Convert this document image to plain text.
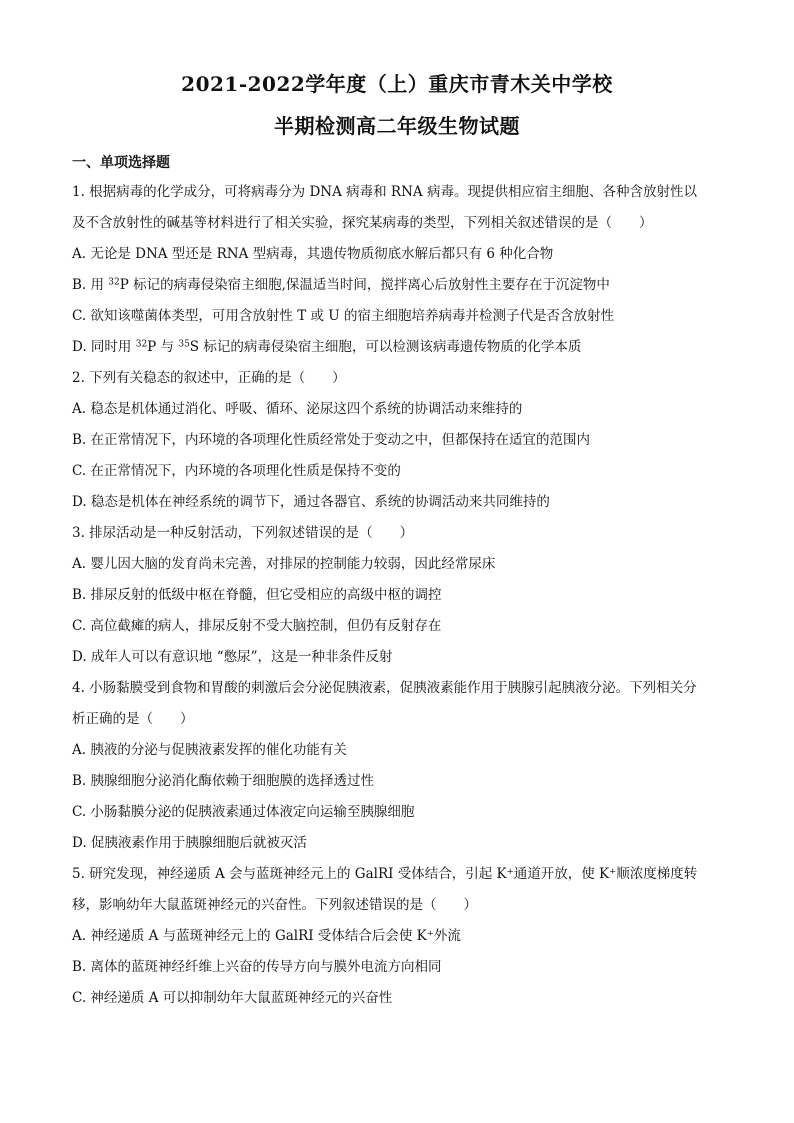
2021-2022学年度（上）重庆市青木关中学校
半期检测高二年级生物试题
一、单项选择题
1. 根据病毒的化学成分，可将病毒分为 DNA 病毒和 RNA 病毒。现提供相应宿主细胞、各种含放射性以
及不含放射性的碱基等材料进行了相关实验，探究某病毒的类型，下列相关叙述错误的是（　　）
A. 无论是 DNA 型还是 RNA 型病毒，其遗传物质彻底水解后都只有 6 种化合物
B. 用 $^{32}$P 标记的病毒侵染宿主细胞,保温适当时间，搅拌离心后放射性主要存在于沉淀物中
C. 欲知该噬菌体类型，可用含放射性 T 或 U 的宿主细胞培养病毒并检测子代是否含放射性
D. 同时用 $^{32}$P 与 $^{35}$S 标记的病毒侵染宿主细胞，可以检测该病毒遗传物质的化学本质
2. 下列有关稳态的叙述中，正确的是（　　）
A. 稳态是机体通过消化、呼吸、循环、泌尿这四个系统的协调活动来维持的
B. 在正常情况下，内环境的各项理化性质经常处于变动之中，但都保持在适宜的范围内
C. 在正常情况下，内环境的各项理化性质是保持不变的
D. 稳态是机体在神经系统的调节下，通过各器官、系统的协调活动来共同维持的
3. 排尿活动是一种反射活动，下列叙述错误的是（　　）
A. 婴儿因大脑的发育尚未完善，对排尿的控制能力较弱，因此经常尿床
B. 排尿反射的低级中枢在脊髓，但它受相应的高级中枢的调控
C. 高位截瘫的病人，排尿反射不受大脑控制，但仍有反射存在
D. 成年人可以有意识地 “憋尿”，这是一种非条件反射
4. 小肠黏膜受到食物和胃酸的刺激后会分泌促胰液素，促胰液素能作用于胰腺引起胰液分泌。下列相关分
析正确的是（　　）
A. 胰液的分泌与促胰液素发挥的催化功能有关
B. 胰腺细胞分泌消化酶依赖于细胞膜的选择透过性
C. 小肠黏膜分泌的促胰液素通过体液定向运输至胰腺细胞
D. 促胰液素作用于胰腺细胞后就被灭活
5. 研究发现，神经递质 A 会与蓝斑神经元上的 GalRI 受体结合，引起 K⁺通道开放，使 K⁺顺浓度梯度转
移，影响幼年大鼠蓝斑神经元的兴奋性。下列叙述错误的是（　　）
A. 神经递质 A 与蓝斑神经元上的 GalRI 受体结合后会使 K⁺外流
B. 离体的蓝斑神经纤维上兴奋的传导方向与膜外电流方向相同
C. 神经递质 A 可以抑制幼年大鼠蓝斑神经元的兴奋性
